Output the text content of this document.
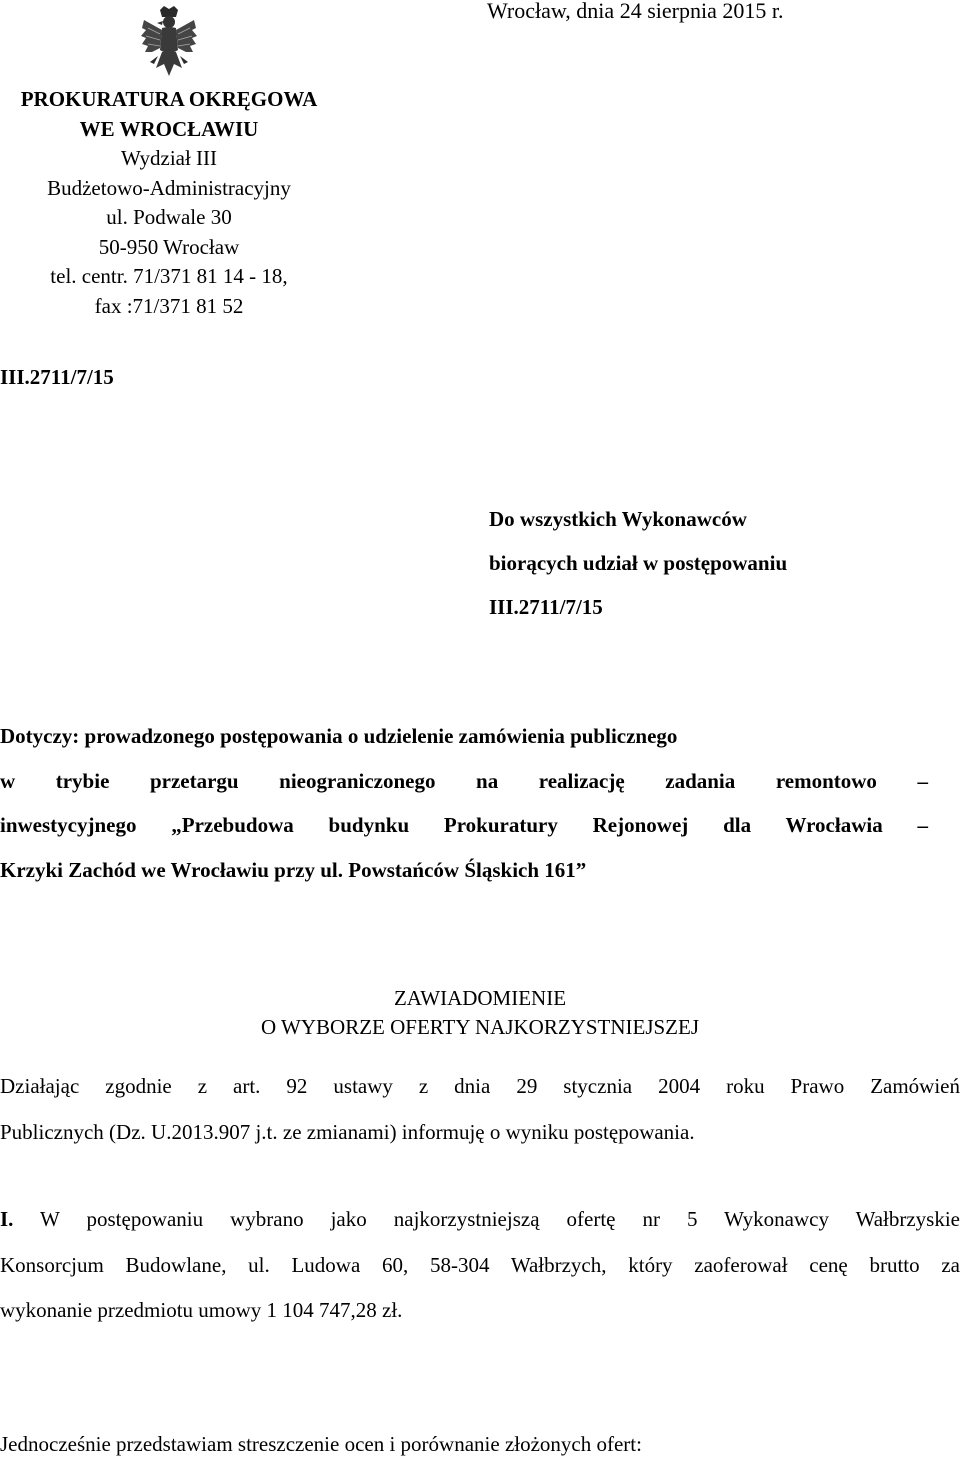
Wrocław, dnia 24 sierpnia 2015 r.
PROKURATURA OKRĘGOWA
WE WROCŁAWIU
Wydział III
Budżetowo-Administracyjny
ul. Podwale 30
50-950 Wrocław
tel. centr. 71/371 81 14 - 18,
fax :71/371 81 52
III.2711/7/15
Do wszystkich Wykonawców
biorących udział w postępowaniu
III.2711/7/15
Dotyczy: prowadzonego postępowania o udzielenie zamówienia publicznego
w trybie przetargu nieograniczonego na realizację zadania remontowo –
inwestycyjnego „Przebudowa budynku Prokuratury Rejonowej dla Wrocławia –
Krzyki Zachód we Wrocławiu przy ul. Powstańców Śląskich 161”
ZAWIADOMIENIE
O WYBORZE OFERTY NAJKORZYSTNIEJSZEJ
Działając zgodnie z art. 92 ustawy z dnia 29 stycznia 2004 roku Prawo Zamówień
Publicznych (Dz. U.2013.907 j.t. ze zmianami) informuję o wyniku postępowania.
I. W postępowaniu wybrano jako najkorzystniejszą ofertę nr 5 Wykonawcy Wałbrzyskie
Konsorcjum Budowlane, ul. Ludowa 60, 58-304 Wałbrzych, który zaoferował cenę brutto za
wykonanie przedmiotu umowy 1 104 747,28 zł.
Jednocześnie przedstawiam streszczenie ocen i porównanie złożonych ofert:
